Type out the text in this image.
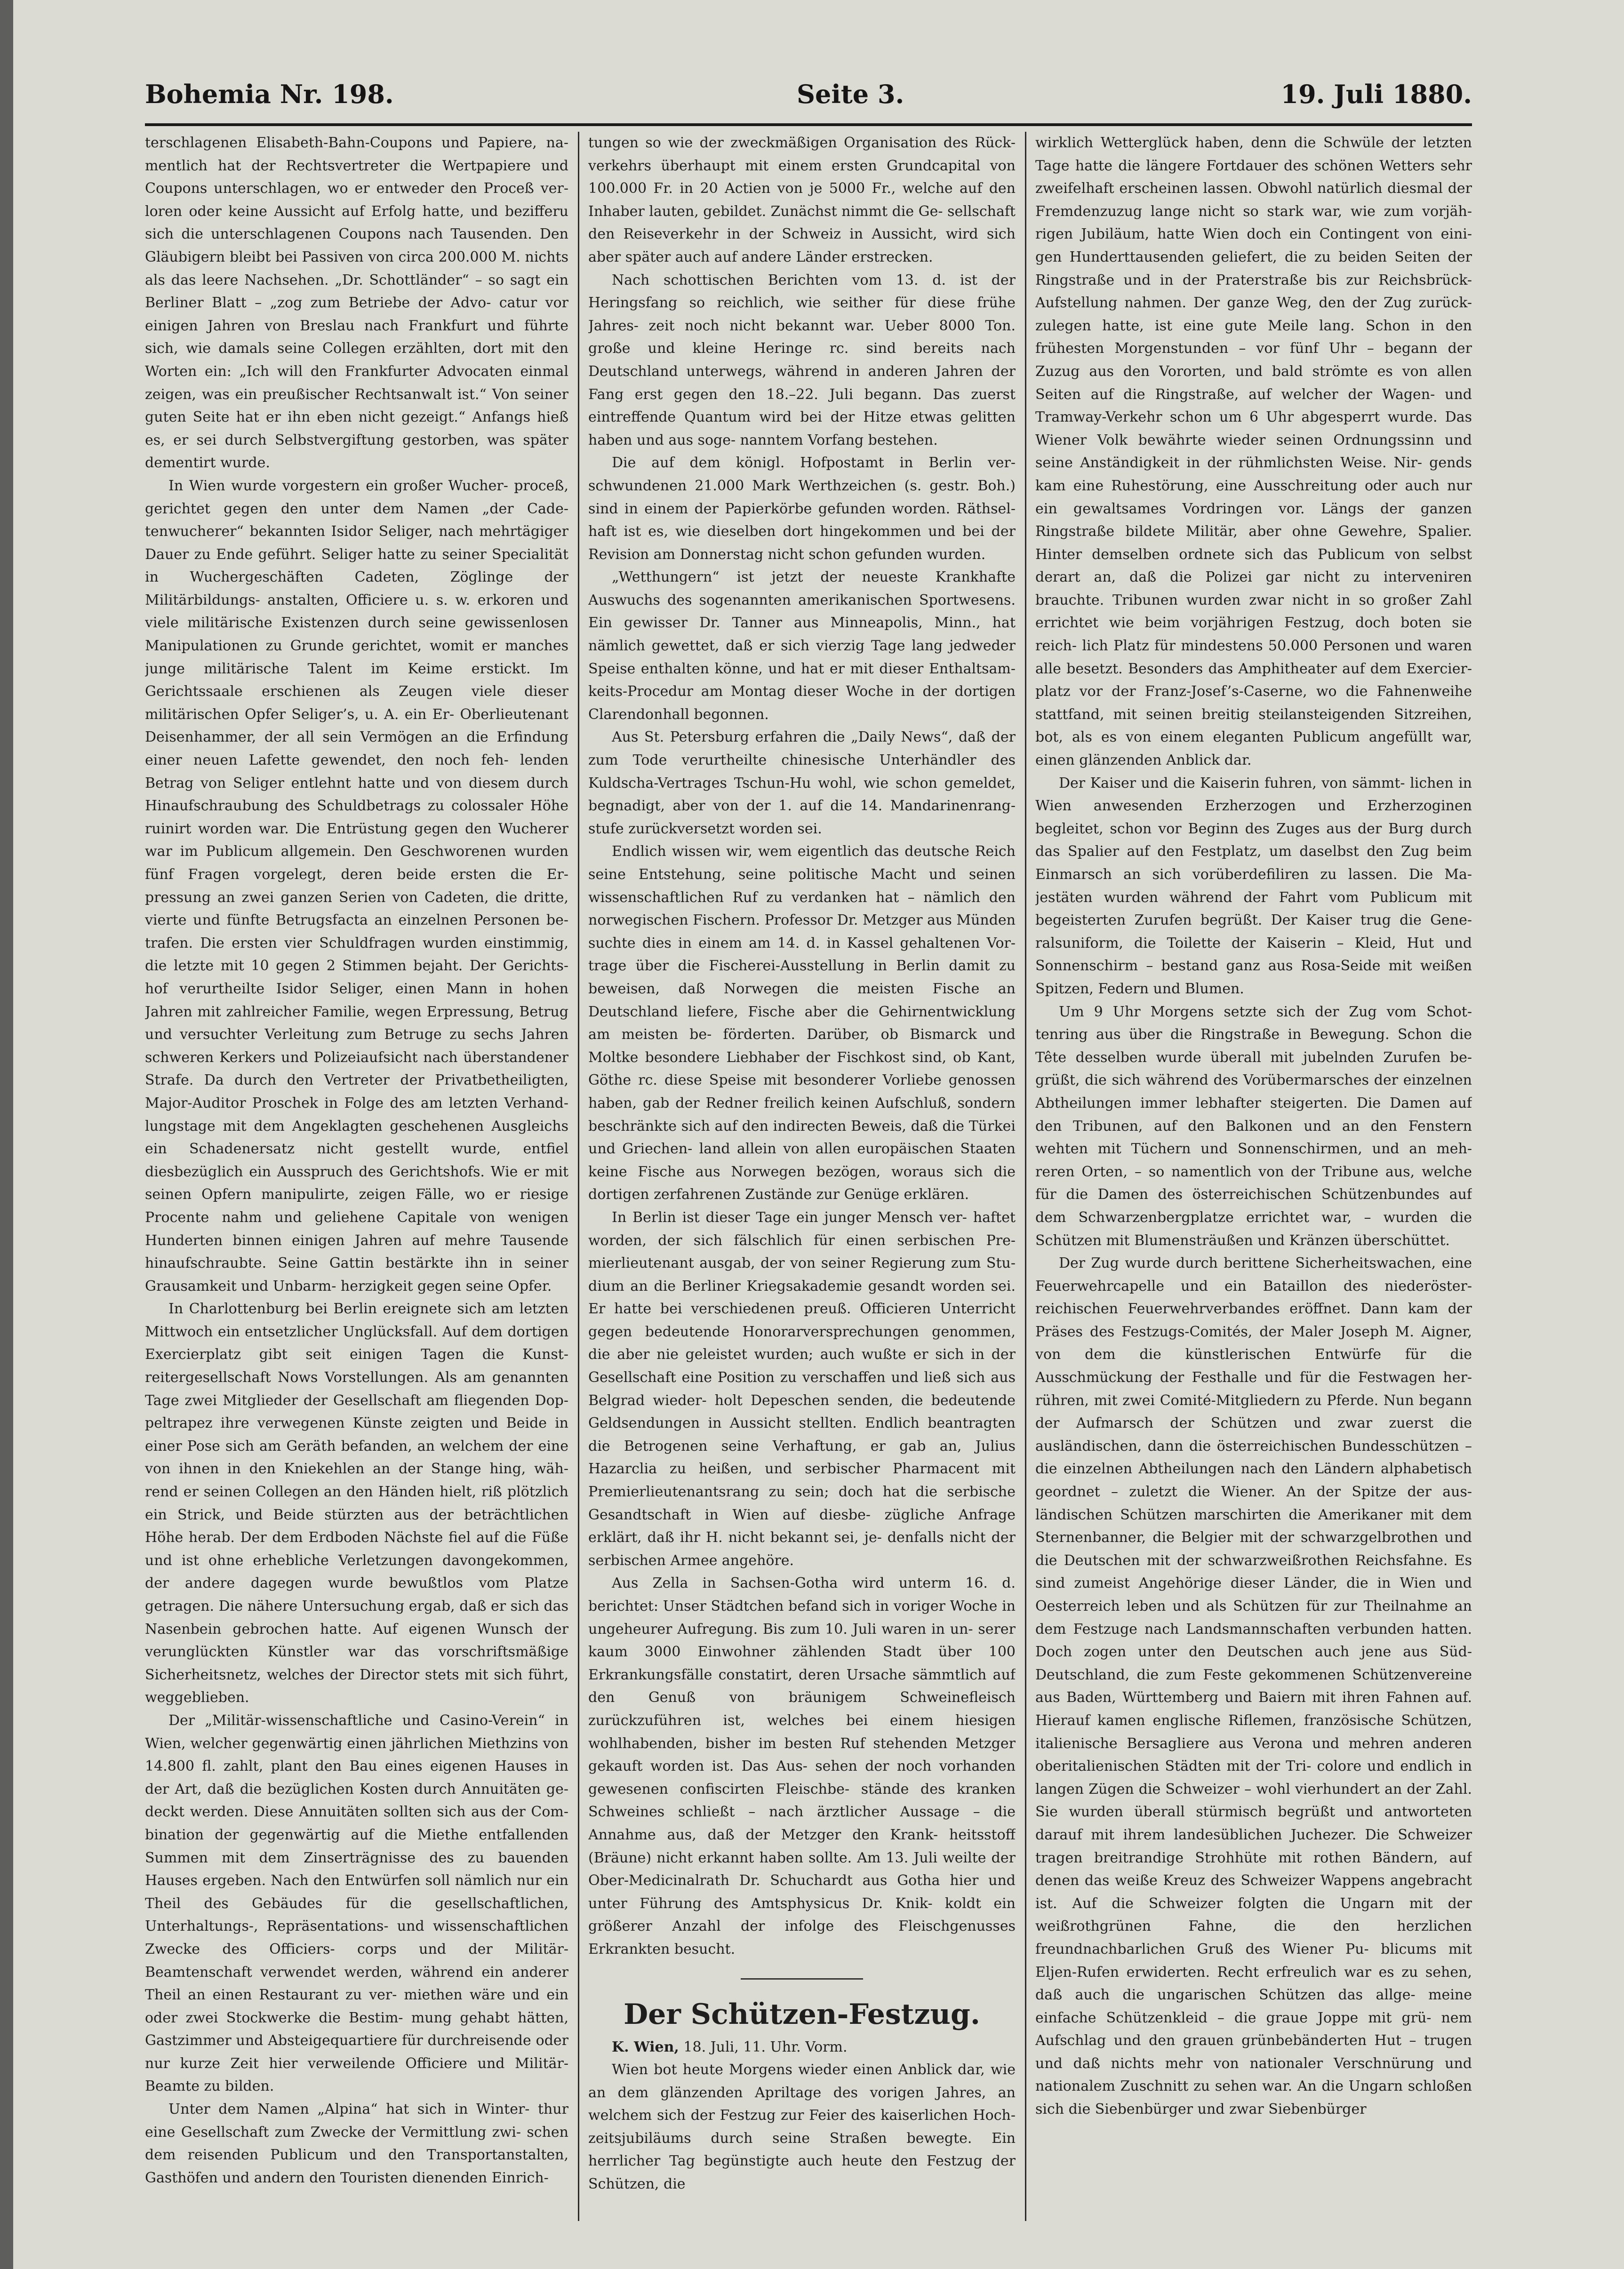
Bohemia Nr. 198.	Seite 3.	19. Juli 1880.

terschlagenen Elisabeth-Bahn-Coupons und Papiere, na- mentlich hat der Rechtsvertreter die Wertpapiere und Coupons unterschlagen, wo er entweder den Proceß ver- loren oder keine Aussicht auf Erfolg hatte, und bezifferu sich die unterschlagenen Coupons nach Tausenden. Den Gläubigern bleibt bei Passiven von circa 200.000 M. nichts als das leere Nachsehen. „Dr. Schottländer“ – so sagt ein Berliner Blatt – „zog zum Betriebe der Advo- catur vor einigen Jahren von Breslau nach Frankfurt und führte sich, wie damals seine Collegen erzählten, dort mit den Worten ein: „Ich will den Frankfurter Advocaten einmal zeigen, was ein preußischer Rechtsanwalt ist.“ Von seiner guten Seite hat er ihn eben nicht gezeigt.“ Anfangs hieß es, er sei durch Selbstvergiftung gestorben, was später dementirt wurde.

In Wien wurde vorgestern ein großer Wucher- proceß, gerichtet gegen den unter dem Namen „der Cade- tenwucherer“ bekannten Isidor Seliger, nach mehrtägiger Dauer zu Ende geführt. Seliger hatte zu seiner Specialität in Wuchergeschäften Cadeten, Zöglinge der Militärbildungs- anstalten, Officiere u. s. w. erkoren und viele militärische Existenzen durch seine gewissenlosen Manipulationen zu Grunde gerichtet, womit er manches junge militärische Talent im Keime erstickt. Im Gerichtssaale erschienen als Zeugen viele dieser militärischen Opfer Seliger’s, u. A. ein Er- Oberlieutenant Deisenhammer, der all sein Vermögen an die Erfindung einer neuen Lafette gewendet, den noch feh- lenden Betrag von Seliger entlehnt hatte und von diesem durch Hinaufschraubung des Schuldbetrags zu colossaler Höhe ruinirt worden war. Die Entrüstung gegen den Wucherer war im Publicum allgemein. Den Geschworenen wurden fünf Fragen vorgelegt, deren beide ersten die Er- pressung an zwei ganzen Serien von Cadeten, die dritte, vierte und fünfte Betrugsfacta an einzelnen Personen be- trafen. Die ersten vier Schuldfragen wurden einstimmig, die letzte mit 10 gegen 2 Stimmen bejaht. Der Gerichts- hof verurtheilte Isidor Seliger, einen Mann in hohen Jahren mit zahlreicher Familie, wegen Erpressung, Betrug und versuchter Verleitung zum Betruge zu sechs Jahren schweren Kerkers und Polizeiaufsicht nach überstandener Strafe. Da durch den Vertreter der Privatbetheiligten, Major-Auditor Proschek in Folge des am letzten Verhand- lungstage mit dem Angeklagten geschehenen Ausgleichs ein Schadenersatz nicht gestellt wurde, entfiel diesbezüglich ein Ausspruch des Gerichtshofs. Wie er mit seinen Opfern manipulirte, zeigen Fälle, wo er riesige Procente nahm und geliehene Capitale von wenigen Hunderten binnen einigen Jahren auf mehre Tausende hinaufschraubte. Seine Gattin bestärkte ihn in seiner Grausamkeit und Unbarm- herzigkeit gegen seine Opfer.

In Charlottenburg bei Berlin ereignete sich am letzten Mittwoch ein entsetzlicher Unglücksfall. Auf dem dortigen Exercierplatz gibt seit einigen Tagen die Kunst- reitergesellschaft Nows Vorstellungen. Als am genannten Tage zwei Mitglieder der Gesellschaft am fliegenden Dop- peltrapez ihre verwegenen Künste zeigten und Beide in einer Pose sich am Geräth befanden, an welchem der eine von ihnen in den Kniekehlen an der Stange hing, wäh- rend er seinen Collegen an den Händen hielt, riß plötzlich ein Strick, und Beide stürzten aus der beträchtlichen Höhe herab. Der dem Erdboden Nächste fiel auf die Füße und ist ohne erhebliche Verletzungen davongekommen, der andere dagegen wurde bewußtlos vom Platze getragen. Die nähere Untersuchung ergab, daß er sich das Nasenbein gebrochen hatte. Auf eigenen Wunsch der verunglückten Künstler war das vorschriftsmäßige Sicherheitsnetz, welches der Director stets mit sich führt, weggeblieben.

Der „Militär-wissenschaftliche und Casino-Verein“ in Wien, welcher gegenwärtig einen jährlichen Miethzins von 14.800 fl. zahlt, plant den Bau eines eigenen Hauses in der Art, daß die bezüglichen Kosten durch Annuitäten ge- deckt werden. Diese Annuitäten sollten sich aus der Com- bination der gegenwärtig auf die Miethe entfallenden Summen mit dem Zinserträgnisse des zu bauenden Hauses ergeben. Nach den Entwürfen soll nämlich nur ein Theil des Gebäudes für die gesellschaftlichen, Unterhaltungs-, Repräsentations- und wissenschaftlichen Zwecke des Officiers- corps und der Militär-Beamtenschaft verwendet werden, während ein anderer Theil an einen Restaurant zu ver- miethen wäre und ein oder zwei Stockwerke die Bestim- mung gehabt hätten, Gastzimmer und Absteigequartiere für durchreisende oder nur kurze Zeit hier verweilende Officiere und Militär-Beamte zu bilden.

Unter dem Namen „Alpina“ hat sich in Winter- thur eine Gesellschaft zum Zwecke der Vermittlung zwi- schen dem reisenden Publicum und den Transportanstalten, Gasthöfen und andern den Touristen dienenden Einrich-

tungen so wie der zweckmäßigen Organisation des Rück- verkehrs überhaupt mit einem ersten Grundcapital von 100.000 Fr. in 20 Actien von je 5000 Fr., welche auf den Inhaber lauten, gebildet. Zunächst nimmt die Ge- sellschaft den Reiseverkehr in der Schweiz in Aussicht, wird sich aber später auch auf andere Länder erstrecken.

Nach schottischen Berichten vom 13. d. ist der Heringsfang so reichlich, wie seither für diese frühe Jahres- zeit noch nicht bekannt war. Ueber 8000 Ton. große und kleine Heringe rc. sind bereits nach Deutschland unterwegs, während in anderen Jahren der Fang erst gegen den 18.–22. Juli begann. Das zuerst eintreffende Quantum wird bei der Hitze etwas gelitten haben und aus soge- nanntem Vorfang bestehen.

Die auf dem königl. Hofpostamt in Berlin ver- schwundenen 21.000 Mark Werthzeichen (s. gestr. Boh.) sind in einem der Papierkörbe gefunden worden. Räthsel- haft ist es, wie dieselben dort hingekommen und bei der Revision am Donnerstag nicht schon gefunden wurden.

„Wetthungern“ ist jetzt der neueste Krankhafte Auswuchs des sogenannten amerikanischen Sportwesens. Ein gewisser Dr. Tanner aus Minneapolis, Minn., hat nämlich gewettet, daß er sich vierzig Tage lang jedweder Speise enthalten könne, und hat er mit dieser Enthaltsam- keits-Procedur am Montag dieser Woche in der dortigen Clarendonhall begonnen.

Aus St. Petersburg erfahren die „Daily News“, daß der zum Tode verurtheilte chinesische Unterhändler des Kuldscha-Vertrages Tschun-Hu wohl, wie schon gemeldet, begnadigt, aber von der 1. auf die 14. Mandarinenrang- stufe zurückversetzt worden sei.

Endlich wissen wir, wem eigentlich das deutsche Reich seine Entstehung, seine politische Macht und seinen wissenschaftlichen Ruf zu verdanken hat – nämlich den norwegischen Fischern. Professor Dr. Metzger aus Münden suchte dies in einem am 14. d. in Kassel gehaltenen Vor- trage über die Fischerei-Ausstellung in Berlin damit zu beweisen, daß Norwegen die meisten Fische an Deutschland liefere, Fische aber die Gehirnentwicklung am meisten be- förderten. Darüber, ob Bismarck und Moltke besondere Liebhaber der Fischkost sind, ob Kant, Göthe rc. diese Speise mit besonderer Vorliebe genossen haben, gab der Redner freilich keinen Aufschluß, sondern beschränkte sich auf den indirecten Beweis, daß die Türkei und Griechen- land allein von allen europäischen Staaten keine Fische aus Norwegen bezögen, woraus sich die dortigen zerfahrenen Zustände zur Genüge erklären.

In Berlin ist dieser Tage ein junger Mensch ver- haftet worden, der sich fälschlich für einen serbischen Pre- mierlieutenant ausgab, der von seiner Regierung zum Stu- dium an die Berliner Kriegsakademie gesandt worden sei. Er hatte bei verschiedenen preuß. Officieren Unterricht gegen bedeutende Honorarversprechungen genommen, die aber nie geleistet wurden; auch wußte er sich in der Gesellschaft eine Position zu verschaffen und ließ sich aus Belgrad wieder- holt Depeschen senden, die bedeutende Geldsendungen in Aussicht stellten. Endlich beantragten die Betrogenen seine Verhaftung, er gab an, Julius Hazarclia zu heißen, und serbischer Pharmacent mit Premierlieutenantsrang zu sein; doch hat die serbische Gesandtschaft in Wien auf diesbe- zügliche Anfrage erklärt, daß ihr H. nicht bekannt sei, je- denfalls nicht der serbischen Armee angehöre.

Aus Zella in Sachsen-Gotha wird unterm 16. d. berichtet: Unser Städtchen befand sich in voriger Woche in ungeheurer Aufregung. Bis zum 10. Juli waren in un- serer kaum 3000 Einwohner zählenden Stadt über 100 Erkrankungsfälle constatirt, deren Ursache sämmtlich auf den Genuß von bräunigem Schweinefleisch zurückzuführen ist, welches bei einem hiesigen wohlhabenden, bisher im besten Ruf stehenden Metzger gekauft worden ist. Das Aus- sehen der noch vorhanden gewesenen confiscirten Fleischbe- stände des kranken Schweines schließt – nach ärztlicher Aussage – die Annahme aus, daß der Metzger den Krank- heitsstoff (Bräune) nicht erkannt haben sollte. Am 13. Juli weilte der Ober-Medicinalrath Dr. Schuchardt aus Gotha hier und unter Führung des Amtsphysicus Dr. Knik- koldt ein größerer Anzahl der infolge des Fleischgenusses Erkrankten besucht.

Der Schützen-Festzug.

K. Wien, 18. Juli, 11. Uhr. Vorm.

Wien bot heute Morgens wieder einen Anblick dar, wie an dem glänzenden Apriltage des vorigen Jahres, an welchem sich der Festzug zur Feier des kaiserlichen Hoch- zeitsjubiläums durch seine Straßen bewegte. Ein herrlicher Tag begünstigte auch heute den Festzug der Schützen, die

wirklich Wetterglück haben, denn die Schwüle der letzten Tage hatte die längere Fortdauer des schönen Wetters sehr zweifelhaft erscheinen lassen. Obwohl natürlich diesmal der Fremdenzuzug lange nicht so stark war, wie zum vorjäh- rigen Jubiläum, hatte Wien doch ein Contingent von eini- gen Hunderttausenden geliefert, die zu beiden Seiten der Ringstraße und in der Praterstraße bis zur Reichsbrück- Aufstellung nahmen. Der ganze Weg, den der Zug zurück- zulegen hatte, ist eine gute Meile lang. Schon in den frühesten Morgenstunden – vor fünf Uhr – begann der Zuzug aus den Vororten, und bald strömte es von allen Seiten auf die Ringstraße, auf welcher der Wagen- und Tramway-Verkehr schon um 6 Uhr abgesperrt wurde. Das Wiener Volk bewährte wieder seinen Ordnungssinn und seine Anständigkeit in der rühmlichsten Weise. Nir- gends kam eine Ruhestörung, eine Ausschreitung oder auch nur ein gewaltsames Vordringen vor. Längs der ganzen Ringstraße bildete Militär, aber ohne Gewehre, Spalier. Hinter demselben ordnete sich das Publicum von selbst derart an, daß die Polizei gar nicht zu interveniren brauchte. Tribunen wurden zwar nicht in so großer Zahl errichtet wie beim vorjährigen Festzug, doch boten sie reich- lich Platz für mindestens 50.000 Personen und waren alle besetzt. Besonders das Amphitheater auf dem Exercier- platz vor der Franz-Josef’s-Caserne, wo die Fahnenweihe stattfand, mit seinen breitig steilansteigenden Sitzreihen, bot, als es von einem eleganten Publicum angefüllt war, einen glänzenden Anblick dar.

Der Kaiser und die Kaiserin fuhren, von sämmt- lichen in Wien anwesenden Erzherzogen und Erzherzoginen begleitet, schon vor Beginn des Zuges aus der Burg durch das Spalier auf den Festplatz, um daselbst den Zug beim Einmarsch an sich vorüberdefiliren zu lassen. Die Ma- jestäten wurden während der Fahrt vom Publicum mit begeisterten Zurufen begrüßt. Der Kaiser trug die Gene- ralsuniform, die Toilette der Kaiserin – Kleid, Hut und Sonnenschirm – bestand ganz aus Rosa-Seide mit weißen Spitzen, Federn und Blumen.

Um 9 Uhr Morgens setzte sich der Zug vom Schot- tenring aus über die Ringstraße in Bewegung. Schon die Tête desselben wurde überall mit jubelnden Zurufen be- grüßt, die sich während des Vorübermarsches der einzelnen Abtheilungen immer lebhafter steigerten. Die Damen auf den Tribunen, auf den Balkonen und an den Fenstern wehten mit Tüchern und Sonnenschirmen, und an meh- reren Orten, – so namentlich von der Tribune aus, welche für die Damen des österreichischen Schützenbundes auf dem Schwarzenbergplatze errichtet war, – wurden die Schützen mit Blumensträußen und Kränzen überschüttet.

Der Zug wurde durch berittene Sicherheitswachen, eine Feuerwehrcapelle und ein Bataillon des niederöster- reichischen Feuerwehrverbandes eröffnet. Dann kam der Präses des Festzugs-Comités, der Maler Joseph M. Aigner, von dem die künstlerischen Entwürfe für die Ausschmückung der Festhalle und für die Festwagen her- rühren, mit zwei Comité-Mitgliedern zu Pferde. Nun begann der Aufmarsch der Schützen und zwar zuerst die ausländischen, dann die österreichischen Bundesschützen – die einzelnen Abtheilungen nach den Ländern alphabetisch geordnet – zuletzt die Wiener. An der Spitze der aus- ländischen Schützen marschirten die Amerikaner mit dem Sternenbanner, die Belgier mit der schwarzgelbrothen und die Deutschen mit der schwarzweißrothen Reichsfahne. Es sind zumeist Angehörige dieser Länder, die in Wien und Oesterreich leben und als Schützen für zur Theilnahme an dem Festzuge nach Landsmannschaften verbunden hatten. Doch zogen unter den Deutschen auch jene aus Süd-Deutschland, die zum Feste gekommenen Schützenvereine aus Baden, Württemberg und Baiern mit ihren Fahnen auf. Hierauf kamen englische Riflemen, französische Schützen, italienische Bersagliere aus Verona und mehren anderen oberitalienischen Städten mit der Tri- colore und endlich in langen Zügen die Schweizer – wohl vierhundert an der Zahl. Sie wurden überall stürmisch begrüßt und antworteten darauf mit ihrem landesüblichen Juchezer. Die Schweizer tragen breitrandige Strohhüte mit rothen Bändern, auf denen das weiße Kreuz des Schweizer Wappens angebracht ist. Auf die Schweizer folgten die Ungarn mit der weißrothgrünen Fahne, die den herzlichen freundnachbarlichen Gruß des Wiener Pu- blicums mit Eljen-Rufen erwiderten. Recht erfreulich war es zu sehen, daß auch die ungarischen Schützen das allge- meine einfache Schützenkleid – die graue Joppe mit grü- nem Aufschlag und den grauen grünbebänderten Hut – trugen und daß nichts mehr von nationaler Verschnürung und nationalem Zuschnitt zu sehen war. An die Ungarn schloßen sich die Siebenbürger und zwar Siebenbürger
